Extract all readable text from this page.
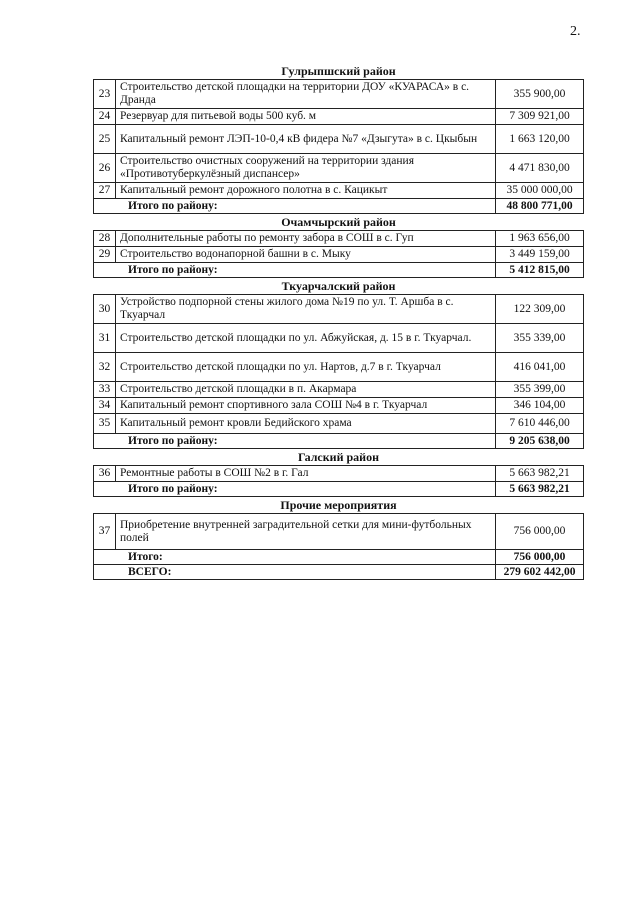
2.
Гулрыпшский район		
23	Строительство детской площадки на территории ДОУ «КУАРАСА» в с. Дранда	355 900,00
24	Резервуар для питьевой воды 500 куб. м	7 309 921,00
25	Капитальный ремонт ЛЭП-10-0,4 кВ фидера №7 «Дзыгута» в с. Цкыбын	1 663 120,00
26	Строительство очистных сооружений на территории здания «Противотуберкулёзный диспансер»	4 471 830,00
27	Капитальный ремонт дорожного полотна в с. Кацикыт	35 000 000,00
Итого по району:		48 800 771,00
Очамчырский район		
28	Дополнительные работы по ремонту забора в СОШ в с. Гуп	1 963 656,00
29	Строительство водонапорной башни в с. Мыку	3 449 159,00
Итого по району:		5 412 815,00
Ткуарчалский район		
30	Устройство подпорной стены жилого дома №19 по ул. Т. Аршба в с. Ткуарчал	122 309,00
31	Строительство детской площадки по ул. Абжуйская, д. 15 в г. Ткуарчал.	355 339,00
32	Строительство детской площадки по ул. Нартов, д.7 в г. Ткуарчал	416 041,00
33	Строительство детской площадки в п. Акармара	355 399,00
34	Капитальный ремонт спортивного зала СОШ №4 в г. Ткуарчал	346 104,00
35	Капитальный ремонт кровли Бедийского храма	7 610 446,00
Итого по району:		9 205 638,00
Галский район		
36	Ремонтные работы в СОШ №2 в г. Гал	5 663 982,21
Итого по району:		5 663 982,21
Прочие мероприятия		
37	Приобретение внутренней заградительной сетки для мини-футбольных полей	756 000,00
Итого:		756 000,00
ВСЕГО:		279 602 442,00
